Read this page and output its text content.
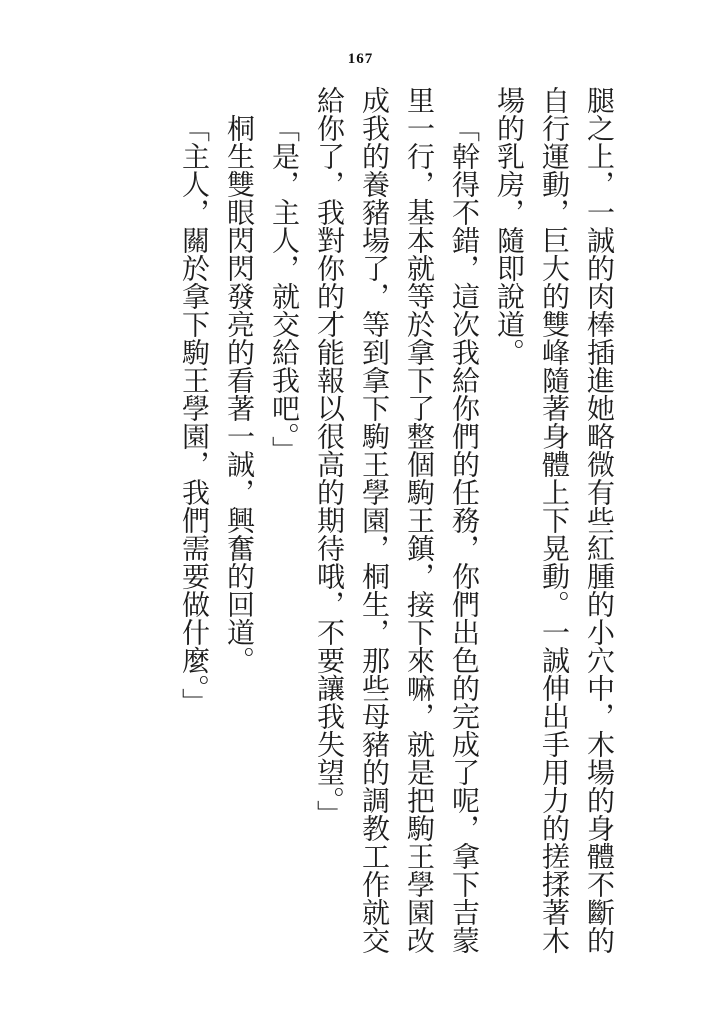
167

腿之上，一誠的肉棒插進她略微有些紅腫的小穴中，木場的身體不斷的自行運動，巨大的雙峰隨著身體上下晃動。一誠伸出手用力的搓揉著木場的乳房，隨即說道。

「幹得不錯，這次我給你們的任務，你們出色的完成了呢，拿下吉蒙里一行，基本就等於拿下了整個駒王鎮，接下來嘛，就是把駒王學園改成我的養豬場了，等到拿下駒王學園，桐生，那些母豬的調教工作就交給你了，我對你的才能報以很高的期待哦，不要讓我失望。」

「是，主人，就交給我吧。」

桐生雙眼閃閃發亮的看著一誠，興奮的回道。

「主人，關於拿下駒王學園，我們需要做什麼。」
